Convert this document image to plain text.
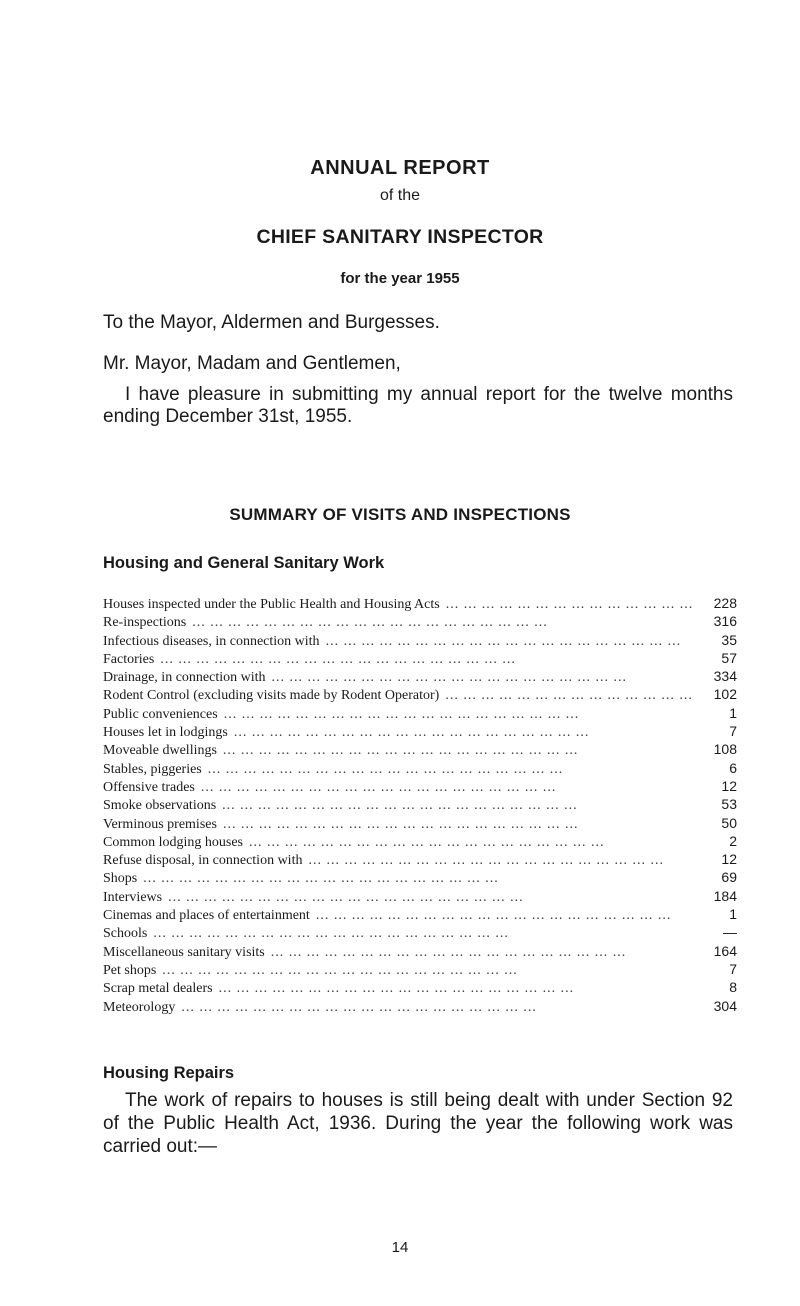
ANNUAL REPORT
of the
CHIEF SANITARY INSPECTOR
for the year 1955
To the Mayor, Aldermen and Burgesses.
Mr. Mayor, Madam and Gentlemen,
I have pleasure in submitting my annual report for the twelve months ending December 31st, 1955.
SUMMARY OF VISITS AND INSPECTIONS
Housing and General Sanitary Work
Houses inspected under the Public Health and Housing Acts ... .	228
Re-inspections ... .	316
Infectious diseases, in connection with ... .	35
Factories ... .	57
Drainage, in connection with ... .	334
Rodent Control (excluding visits made by Rodent Operator) ... .	102
Public conveniences ... .	1
Houses let in lodgings ... .	7
Moveable dwellings ... .	108
Stables, piggeries ... .	6
Offensive trades ... .	12
Smoke observations ... .	53
Verminous premises ... .	50
Common lodging houses ... .	2
Refuse disposal, in connection with ... .	12
Shops ... .	69
Interviews ... .	184
Cinemas and places of entertainment ... .	1
Schools ... .	—
Miscellaneous sanitary visits ... .	164
Pet shops ... .	7
Scrap metal dealers ... .	8
Meteorology ... .	304
Housing Repairs
The work of repairs to houses is still being dealt with under Section 92 of the Public Health Act, 1936. During the year the following work was carried out:—
14
